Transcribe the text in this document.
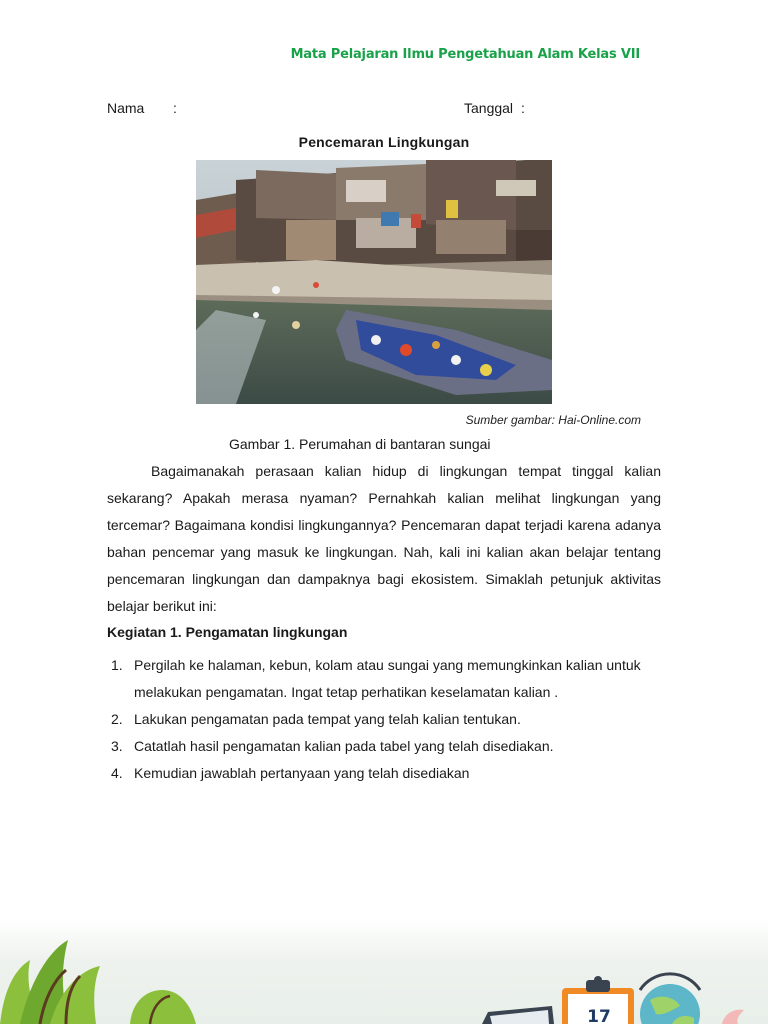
Mata Pelajaran Ilmu Pengetahuan Alam Kelas VII
Nama :	Tanggal :
Pencemaran Lingkungan
Sumber gambar: Hai-Online.com
Gambar 1. Perumahan di bantaran sungai

Bagaimanakah perasaan kalian hidup di lingkungan tempat tinggal kalian sekarang? Apakah merasa nyaman? Pernahkah kalian melihat lingkungan yang tercemar? Bagaimana kondisi lingkungannya? Pencemaran dapat terjadi karena adanya bahan pencemar yang masuk ke lingkungan. Nah, kali ini kalian akan belajar tentang pencemaran lingkungan dan dampaknya bagi ekosistem. Simaklah petunjuk aktivitas belajar berikut ini:

Kegiatan 1. Pengamatan lingkungan
1. Pergilah ke halaman, kebun, kolam atau sungai yang memungkinkan kalian untuk melakukan pengamatan. Ingat tetap perhatikan keselamatan kalian .
2. Lakukan pengamatan pada tempat yang telah kalian tentukan.
3. Catatlah hasil pengamatan kalian pada tabel yang telah disediakan.
4. Kemudian jawablah pertanyaan yang telah disediakan
17
